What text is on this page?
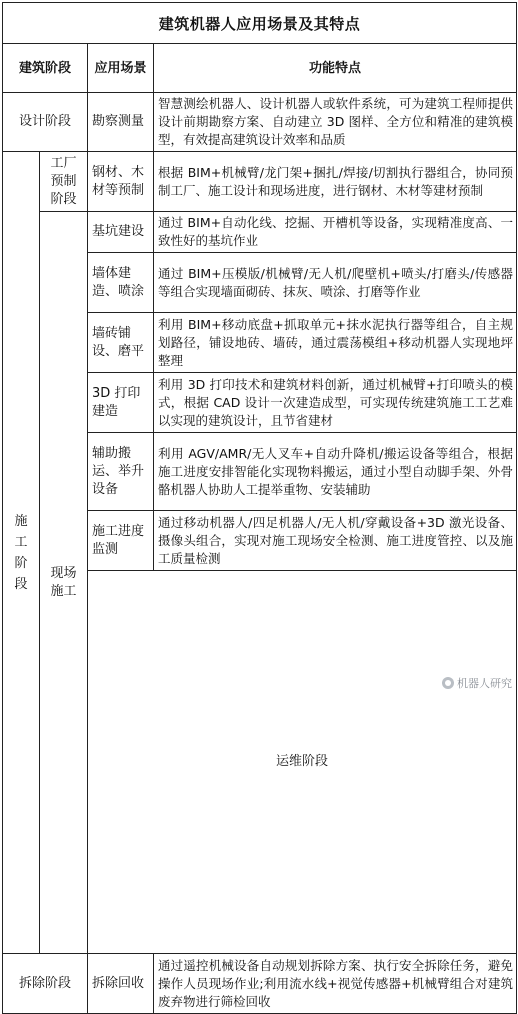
建筑机器人应用场景及其特点				
建筑阶段		应用场景	功能特点	
设计阶段		勘察测量	智慧测绘机器人、设计机器人或软件系统，可为建筑工程师提供设计前期勘察方案、自动建立 3D 图样、全方位和精准的建筑模型，有效提高建筑设计效率和品质	
施工阶段	工厂预制阶段	钢材、木材等预制	根据 BIM+机械臂/龙门架+捆扎/焊接/切割执行器组合，协同预制工厂、施工设计和现场进度，进行钢材、木材等建材预制	
	现场施工	基坑建设	通过 BIM+自动化线、挖掘、开槽机等设备，实现精准度高、一致性好的基坑作业	
		墙体建造、喷涂	通过 BIM+压模版/机械臂/无人机/爬壁机+喷头/打磨头/传感器等组合实现墙面砌砖、抹灰、喷涂、打磨等作业	
		墙砖铺设、磨平	利用 BIM+移动底盘+抓取单元+抹水泥执行器等组合，自主规划路径，铺设地砖、墙砖，通过震荡模组+移动机器人实现地坪整理	
		3D 打印建造	利用 3D 打印技术和建筑材料创新，通过机械臂+打印喷头的模式，根据 CAD 设计一次建造成型，可实现传统建筑施工工艺难以实现的建筑设计，且节省建材	
		辅助搬运、举升设备	利用 AGV/AMR/无人叉车+自动升降机/搬运设备等组合，根据施工进度安排智能化实现物料搬运，通过小型自动脚手架、外骨骼机器人协助人工提举重物、安装辅助	
		施工进度监测	通过移动机器人/四足机器人/无人机/穿戴设备+3D 激光设备、摄像头组合，实现对施工现场安全检测、施工进度管控、以及施工质量检测	
		运维阶段		
拆除阶段		拆除回收	通过遥控机械设备自动规划拆除方案、执行安全拆除任务，避免操作人员现场作业;利用流水线+视觉传感器+机械臂组合对建筑废弃物进行筛检回收	
机器人研究
